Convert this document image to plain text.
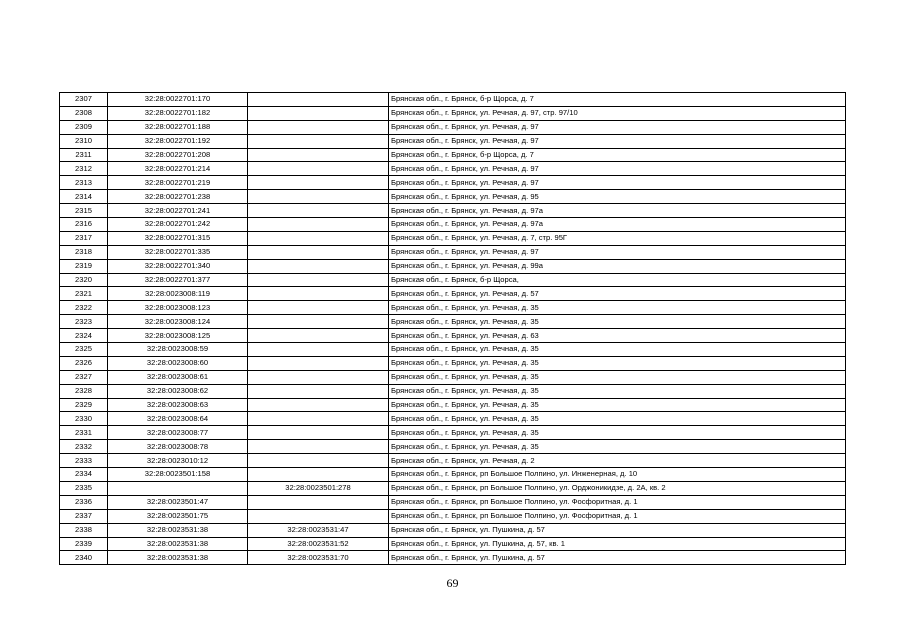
2307	32:28:0022701:170		Брянская обл., г. Брянск, б-р Щорса, д. 7
2308	32:28:0022701:182		Брянская обл., г. Брянск, ул. Речная, д. 97, стр. 97/10
2309	32:28:0022701:188		Брянская обл., г. Брянск, ул. Речная, д. 97
2310	32:28:0022701:192		Брянская обл., г. Брянск, ул. Речная, д. 97
2311	32:28:0022701:208		Брянская обл., г. Брянск, б-р Щорса, д. 7
2312	32:28:0022701:214		Брянская обл., г. Брянск, ул. Речная, д. 97
2313	32:28:0022701:219		Брянская обл., г. Брянск, ул. Речная, д. 97
2314	32:28:0022701:238		Брянская обл., г. Брянск, ул. Речная, д. 95
2315	32:28:0022701:241		Брянская обл., г. Брянск, ул. Речная, д. 97а
2316	32:28:0022701:242		Брянская обл., г. Брянск, ул. Речная, д. 97а
2317	32:28:0022701:315		Брянская обл., г. Брянск, ул. Речная, д. 7, стр. 95Г
2318	32:28:0022701:335		Брянская обл., г. Брянск, ул. Речная, д. 97
2319	32:28:0022701:340		Брянская обл., г. Брянск, ул. Речная, д. 99а
2320	32:28:0022701:377		Брянская обл., г. Брянск, б-р Щорса,
2321	32:28:0023008:119		Брянская обл., г. Брянск, ул. Речная, д. 57
2322	32:28:0023008:123		Брянская обл., г. Брянск, ул. Речная, д. 35
2323	32:28:0023008:124		Брянская обл., г. Брянск, ул. Речная, д. 35
2324	32:28:0023008:125		Брянская обл., г. Брянск, ул. Речная, д. 63
2325	32:28:0023008:59		Брянская обл., г. Брянск, ул. Речная, д. 35
2326	32:28:0023008:60		Брянская обл., г. Брянск, ул. Речная, д. 35
2327	32:28:0023008:61		Брянская обл., г. Брянск, ул. Речная, д. 35
2328	32:28:0023008:62		Брянская обл., г. Брянск, ул. Речная, д. 35
2329	32:28:0023008:63		Брянская обл., г. Брянск, ул. Речная, д. 35
2330	32:28:0023008:64		Брянская обл., г. Брянск, ул. Речная, д. 35
2331	32:28:0023008:77		Брянская обл., г. Брянск, ул. Речная, д. 35
2332	32:28:0023008:78		Брянская обл., г. Брянск, ул. Речная, д. 35
2333	32:28:0023010:12		Брянская обл., г. Брянск, ул. Речная, д. 2
2334	32:28:0023501:158		Брянская обл., г. Брянск, рп Большое Полпино, ул. Инженерная, д. 10
2335		32:28:0023501:278	Брянская обл., г. Брянск, рп Большое Полпино, ул. Орджоникидзе, д. 2А, кв. 2
2336	32:28:0023501:47		Брянская обл., г. Брянск, рп Большое Полпино, ул. Фосфоритная, д. 1
2337	32:28:0023501:75		Брянская обл., г. Брянск, рп Большое Полпино, ул. Фосфоритная, д. 1
2338	32:28:0023531:38	32:28:0023531:47	Брянская обл., г. Брянск, ул. Пушкина, д. 57
2339	32:28:0023531:38	32:28:0023531:52	Брянская обл., г. Брянск, ул. Пушкина, д. 57, кв. 1
2340	32:28:0023531:38	32:28:0023531:70	Брянская обл., г. Брянск, ул. Пушкина, д. 57
69
